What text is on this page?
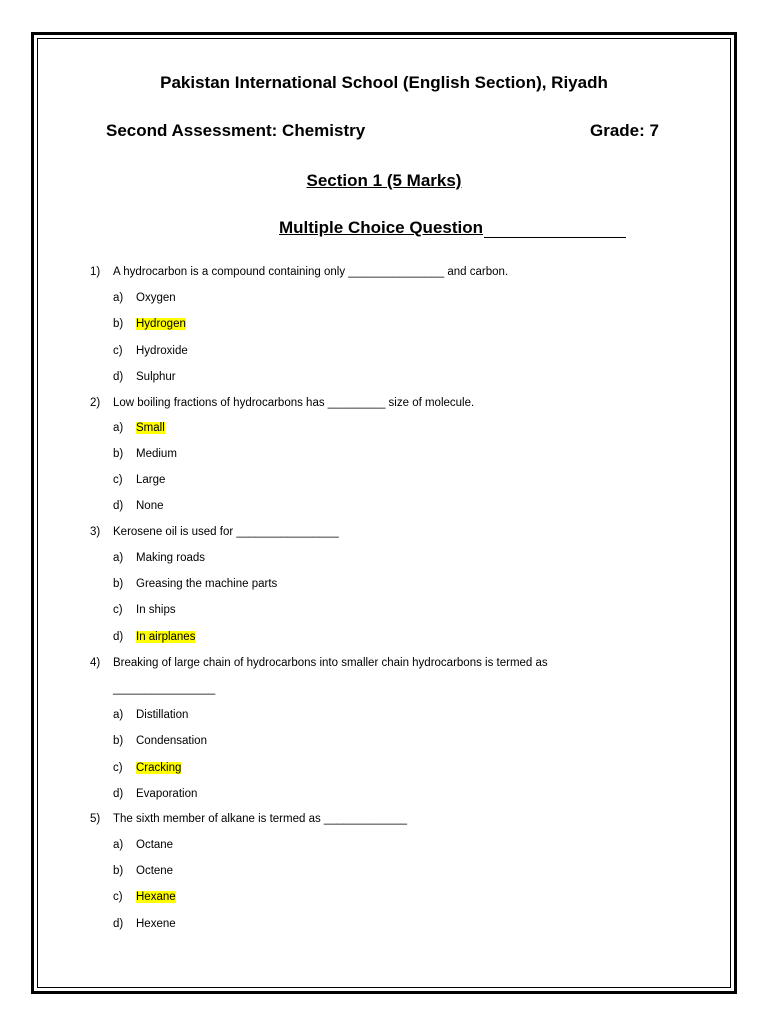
Pakistan International School (English Section), Riyadh
Second Assessment: Chemistry	Grade: 7
Section 1 (5 Marks)
Multiple Choice Question
1) A hydrocarbon is a compound containing only _______________ and carbon.
a) Oxygen
b) Hydrogen
c) Hydroxide
d) Sulphur
2) Low boiling fractions of hydrocarbons has _________ size of molecule.
a) Small
b) Medium
c) Large
d) None
3) Kerosene oil is used for ________________
a) Making roads
b) Greasing the machine parts
c) In ships
d) In airplanes
4) Breaking of large chain of hydrocarbons into smaller chain hydrocarbons is termed as
________________
a) Distillation
b) Condensation
c) Cracking
d) Evaporation
5) The sixth member of alkane is termed as _____________
a) Octane
b) Octene
c) Hexane
d) Hexene
